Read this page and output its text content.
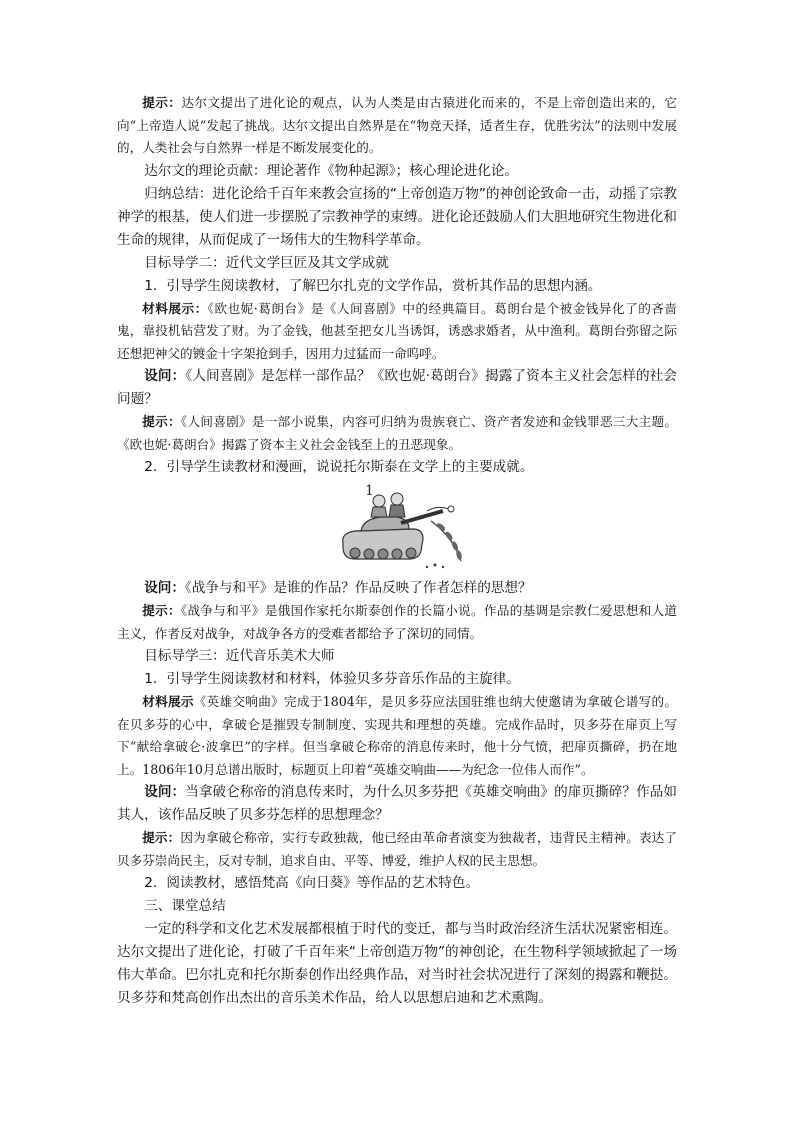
提示：达尔文提出了进化论的观点，认为人类是由古猿进化而来的，不是上帝创造出来的，它向“上帝造人说”发起了挑战。达尔文提出自然界是在“物竞天择，适者生存，优胜劣汰”的法则中发展的，人类社会与自然界一样是不断发展变化的。

达尔文的理论贡献：理论著作《物种起源》；核心理论进化论。

归纳总结：进化论给千百年来教会宣扬的“上帝创造万物”的神创论致命一击，动摇了宗教神学的根基，使人们进一步摆脱了宗教神学的束缚。进化论还鼓励人们大胆地研究生物进化和生命的规律，从而促成了一场伟大的生物科学革命。

目标导学二：近代文学巨匠及其文学成就

1．引导学生阅读教材，了解巴尔扎克的文学作品，赏析其作品的思想内涵。

材料展示：《欧也妮·葛朗台》是《人间喜剧》中的经典篇目。葛朗台是个被金钱异化了的吝啬鬼，靠投机钻营发了财。为了金钱，他甚至把女儿当诱饵，诱惑求婚者，从中渔利。葛朗台弥留之际还想把神父的镀金十字架抢到手，因用力过猛而一命呜呼。

设问：《人间喜剧》是怎样一部作品？《欧也妮·葛朗台》揭露了资本主义社会怎样的社会问题？

提示：《人间喜剧》是一部小说集，内容可归纳为贵族衰亡、资产者发迹和金钱罪恶三大主题。《欧也妮·葛朗台》揭露了资本主义社会金钱至上的丑恶现象。

2．引导学生读教材和漫画，说说托尔斯泰在文学上的主要成就。

1

设问：《战争与和平》是谁的作品？作品反映了作者怎样的思想？

提示：《战争与和平》是俄国作家托尔斯泰创作的长篇小说。作品的基调是宗教仁爱思想和人道主义，作者反对战争，对战争各方的受难者都给予了深切的同情。

目标导学三：近代音乐美术大师

1．引导学生阅读教材和材料，体验贝多芬音乐作品的主旋律。

材料展示《英雄交响曲》完成于1804年，是贝多芬应法国驻维也纳大使邀请为拿破仑谱写的。在贝多芬的心中，拿破仑是摧毁专制制度、实现共和理想的英雄。完成作品时，贝多芬在扉页上写下“献给拿破仑·波拿巴”的字样。但当拿破仑称帝的消息传来时，他十分气愤，把扉页撕碎，扔在地上。1806年10月总谱出版时，标题页上印着“英雄交响曲——为纪念一位伟人而作”。

设问：当拿破仑称帝的消息传来时，为什么贝多芬把《英雄交响曲》的扉页撕碎？作品如其人，该作品反映了贝多芬怎样的思想理念？

提示：因为拿破仑称帝，实行专政独裁，他已经由革命者演变为独裁者，违背民主精神。表达了贝多芬崇尚民主，反对专制，追求自由、平等、博爱，维护人权的民主思想。

2．阅读教材，感悟梵高《向日葵》等作品的艺术特色。

三、课堂总结

一定的科学和文化艺术发展都根植于时代的变迁，都与当时政治经济生活状况紧密相连。达尔文提出了进化论，打破了千百年来“上帝创造万物”的神创论，在生物科学领域掀起了一场伟大革命。巴尔扎克和托尔斯泰创作出经典作品，对当时社会状况进行了深刻的揭露和鞭挞。贝多芬和梵高创作出杰出的音乐美术作品，给人以思想启迪和艺术熏陶。
